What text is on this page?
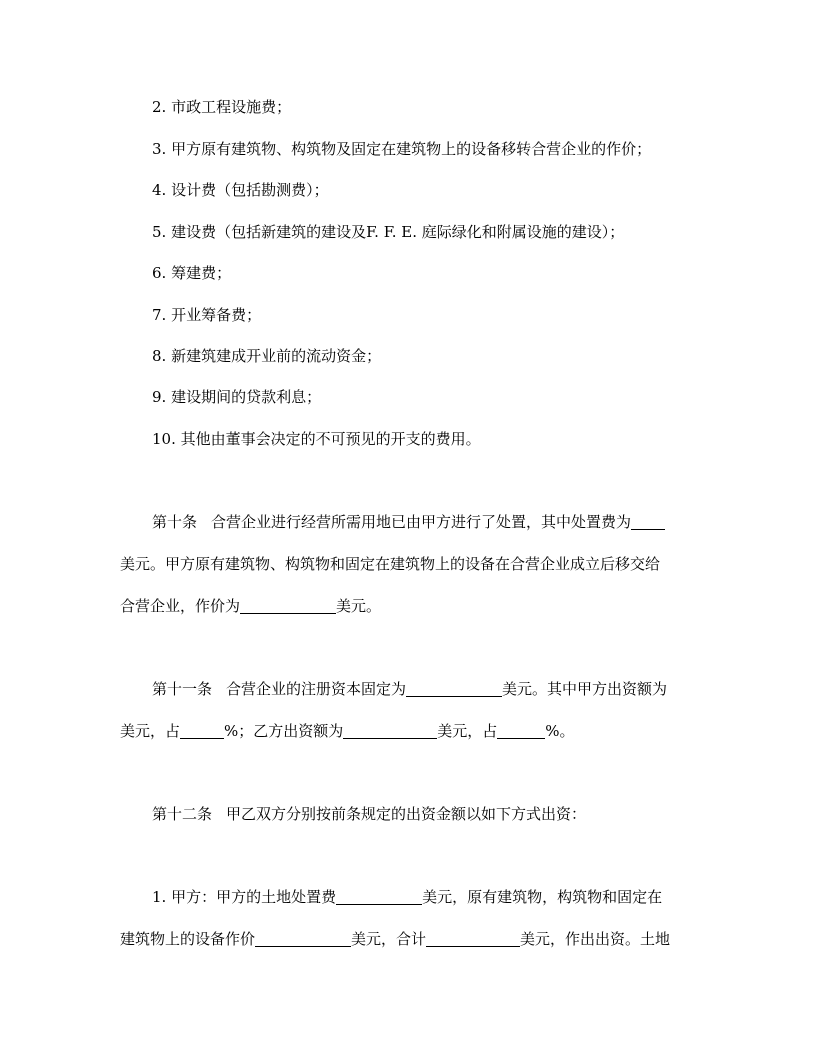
2. 市政工程设施费；
3. 甲方原有建筑物、构筑物及固定在建筑物上的设备移转合营企业的作价；
4. 设计费（包括勘测费）；
5. 建设费（包括新建筑的建设及F. F. E. 庭际绿化和附属设施的建设）；
6. 筹建费；
7. 开业筹备费；
8. 新建筑建成开业前的流动资金；
9. 建设期间的贷款利息；
10. 其他由董事会决定的不可预见的开支的费用。
第十条 合营企业进行经营所需用地已由甲方进行了处置，其中处置费为
美元。甲方原有建筑物、构筑物和固定在建筑物上的设备在合营企业成立后移交给
合营企业，作价为	美元。
第十一条 合营企业的注册资本固定为	美元。其中甲方出资额为
美元，占	%；乙方出资额为	美元，占	%。
第十二条 甲乙双方分别按前条规定的出资金额以如下方式出资：
1. 甲方：甲方的土地处置费	美元，原有建筑物，构筑物和固定在
建筑物上的设备作价	美元，合计	美元，作出出资。土地
